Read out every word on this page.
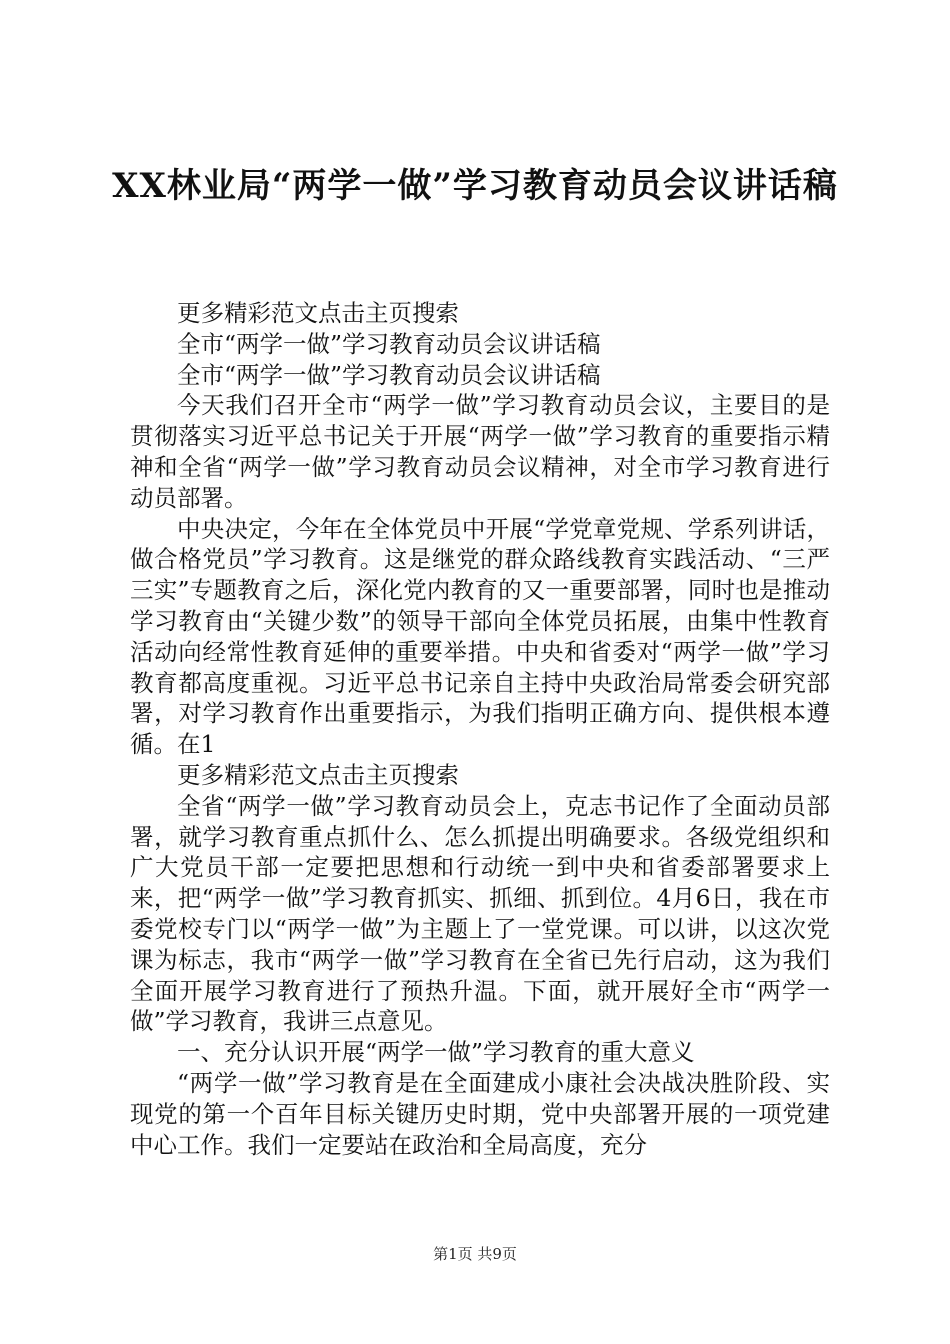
XX林业局“两学一做”学习教育动员会议讲话稿

更多精彩范文点击主页搜索

全市“两学一做”学习教育动员会议讲话稿

全市“两学一做”学习教育动员会议讲话稿

今天我们召开全市“两学一做”学习教育动员会议，主要目的是贯彻落实习近平总书记关于开展“两学一做”学习教育的重要指示精神和全省“两学一做”学习教育动员会议精神，对全市学习教育进行动员部署。

中央决定，今年在全体党员中开展“学党章党规、学系列讲话，做合格党员”学习教育。这是继党的群众路线教育实践活动、“三严三实”专题教育之后，深化党内教育的又一重要部署，同时也是推动学习教育由“关键少数”的领导干部向全体党员拓展，由集中性教育活动向经常性教育延伸的重要举措。中央和省委对“两学一做”学习教育都高度重视。习近平总书记亲自主持中央政治局常委会研究部署，对学习教育作出重要指示，为我们指明正确方向、提供根本遵循。在1

更多精彩范文点击主页搜索

全省“两学一做”学习教育动员会上，克志书记作了全面动员部署，就学习教育重点抓什么、怎么抓提出明确要求。各级党组织和广大党员干部一定要把思想和行动统一到中央和省委部署要求上来，把“两学一做”学习教育抓实、抓细、抓到位。4月6日，我在市委党校专门以“两学一做”为主题上了一堂党课。可以讲，以这次党课为标志，我市“两学一做”学习教育在全省已先行启动，这为我们全面开展学习教育进行了预热升温。下面，就开展好全市“两学一做”学习教育，我讲三点意见。

一、充分认识开展“两学一做”学习教育的重大意义

“两学一做”学习教育是在全面建成小康社会决战决胜阶段、实现党的第一个百年目标关键历史时期，党中央部署开展的一项党建中心工作。我们一定要站在政治和全局高度，充分

第1页 共9页
